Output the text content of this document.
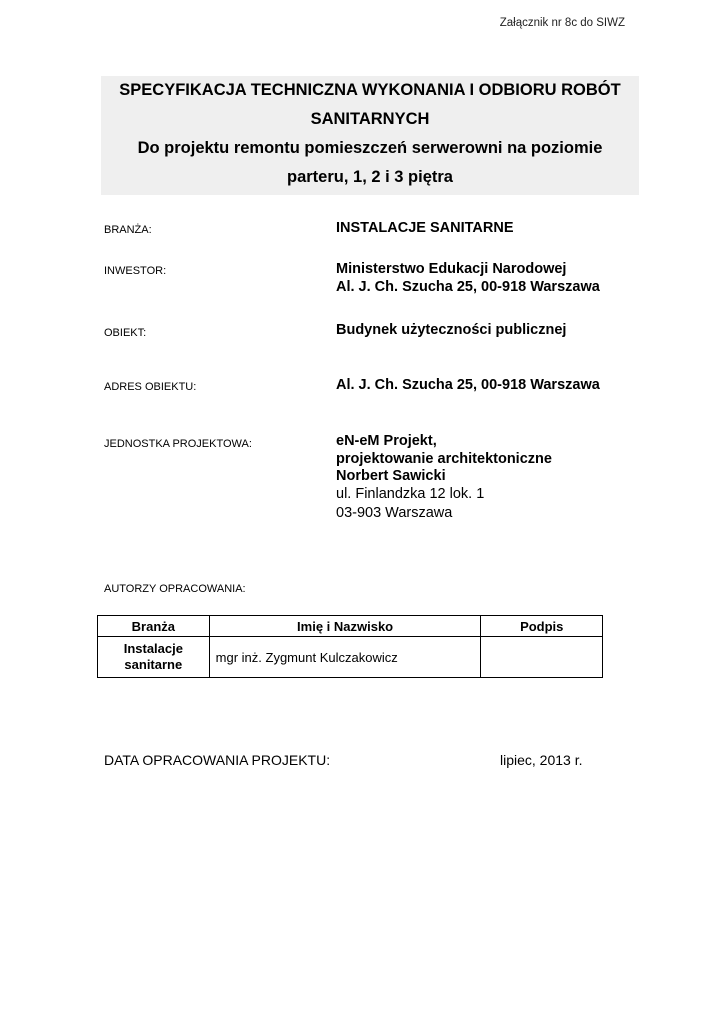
Załącznik nr 8c do SIWZ
SPECYFIKACJA TECHNICZNA WYKONANIA I ODBIORU ROBÓT
SANITARNYCH
Do projektu remontu pomieszczeń serwerowni na poziomie
parteru, 1, 2 i 3 piętra
BRANŻA:	INSTALACJE SANITARNE
INWESTOR:	Ministerstwo Edukacji Narodowej
Al. J. Ch. Szucha 25, 00-918 Warszawa
OBIEKT:	Budynek użyteczności publicznej
ADRES OBIEKTU:	Al. J. Ch. Szucha 25, 00-918 Warszawa
JEDNOSTKA PROJEKTOWA:	eN-eM Projekt,
projektowanie architektoniczne
Norbert Sawicki
ul. Finlandzka 12 lok. 1
03-903 Warszawa
AUTORZY OPRACOWANIA:
Branża	Imię i Nazwisko	Podpis

Instalacje
sanitarne	mgr inż. Zygmunt Kulczakowicz	
DATA OPRACOWANIA PROJEKTU:	lipiec, 2013 r.
